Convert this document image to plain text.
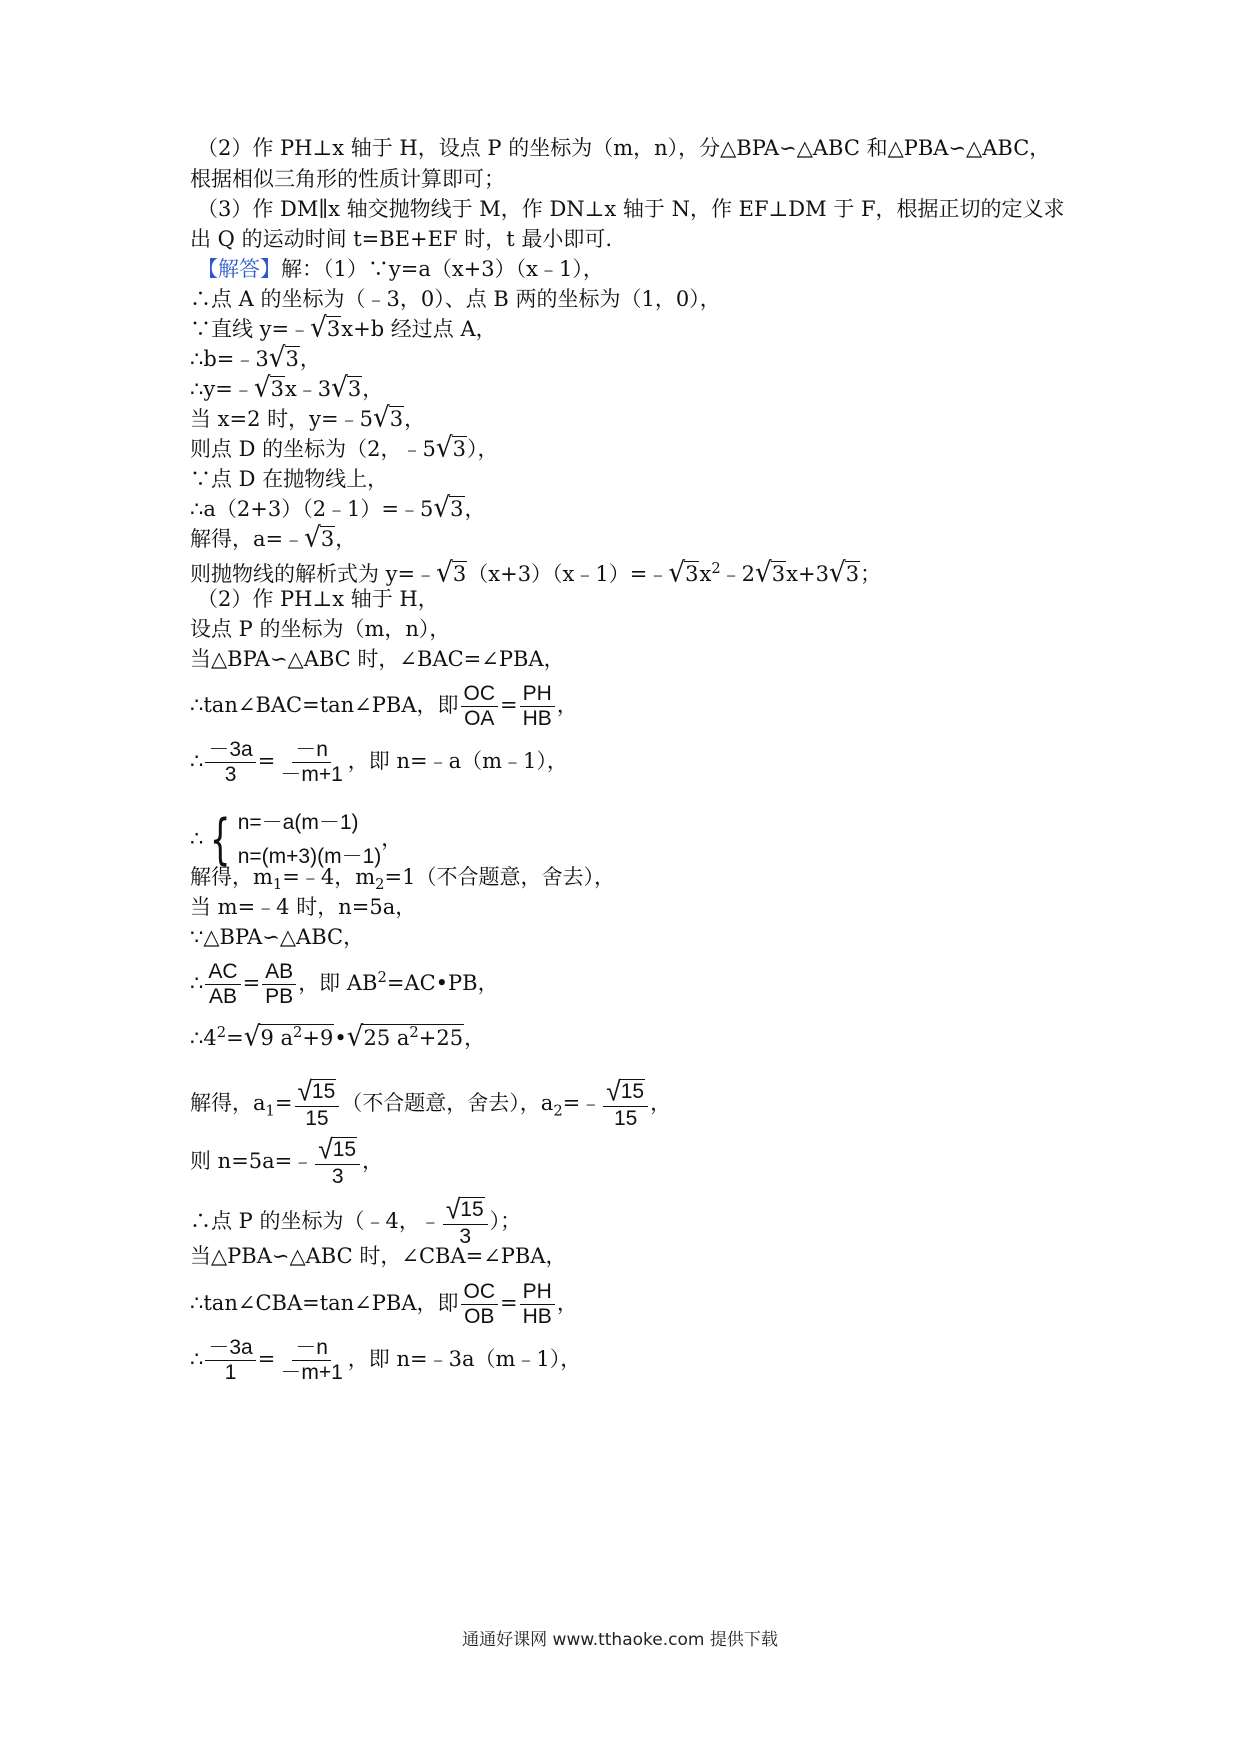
（2）作 PH⊥x 轴于 H，设点 P 的坐标为（m，n），分△BPA∽△ABC 和△PBA∽△ABC，
根据相似三角形的性质计算即可；
（3）作 DM∥x 轴交抛物线于 M，作 DN⊥x 轴于 N，作 EF⊥DM 于 F，根据正切的定义求
出 Q 的运动时间 t=BE+EF 时，t 最小即可.
【解答】解：（1）∵y=a（x+3）（x﹣1），
∴点 A 的坐标为（﹣3，0）、点 B 两的坐标为（1，0），
∵直线 y=﹣ √ 3 x+b 经过点 A，
∴b=﹣3 √ 3 ，
∴y=﹣ √ 3 x﹣3 √ 3 ，
当 x=2 时，y=﹣5 √ 3 ，
则点 D 的坐标为（2，﹣5 √ 3 ），
∵点 D 在抛物线上，
∴a（2+3）（2﹣1）=﹣5 √ 3 ，
解得，a=﹣ √ 3 ，
则抛物线的解析式为 y=﹣ √ 3 （x+3）（x﹣1）=﹣ √ 3 $x^2﹣2$ √ 3 x+3 √ 3 ；
（2）作 PH⊥x 轴于 H，
设点 P 的坐标为（m，n），
当△BPA∽△ABC 时，∠BAC=∠PBA，
∴tan∠BAC=tan∠PBA，即 $\frac{OC}{OA} = \frac{PH}{HB}$ ，
∴ $\frac{-3a}{3} = \frac{-n}{-m+1}$ ，即 n=﹣a（m﹣1），
∴ { n=－a(m－1)
n=(m+3)(m－1)
，
解得，$m_1=﹣4$，$m_2=1$（不合题意，舍去），
当 m=﹣4 时，n=5a，
∵△BPA∽△ABC，
∴ $\frac{AC}{AB} = \frac{AB}{PB}$ ，即 $AB^2=AC•PB$，
$\therefore 4^2=$ √ 9 $a^2+9$ • √ 25 $a^2+25$ ，
解得，$a_1= \frac{√ 15}{15}$ （不合题意，舍去），$a_2=﹣ \frac{√ 15}{15}$ ，
则 n=5a=﹣ $\frac{√ 15}{3}$ ，
∴点 P 的坐标为（﹣4，﹣ $\frac{√ 15}{3}$ ）；
当△PBA∽△ABC 时，∠CBA=∠PBA，
∴tan∠CBA=tan∠PBA，即 $\frac{OC}{OB} = \frac{PH}{HB}$ ，
∴ $\frac{-3a}{1} = \frac{-n}{-m+1}$ ，即 n=﹣3a（m﹣1），
通通好课网 www.tthaoke.com 提供下载
